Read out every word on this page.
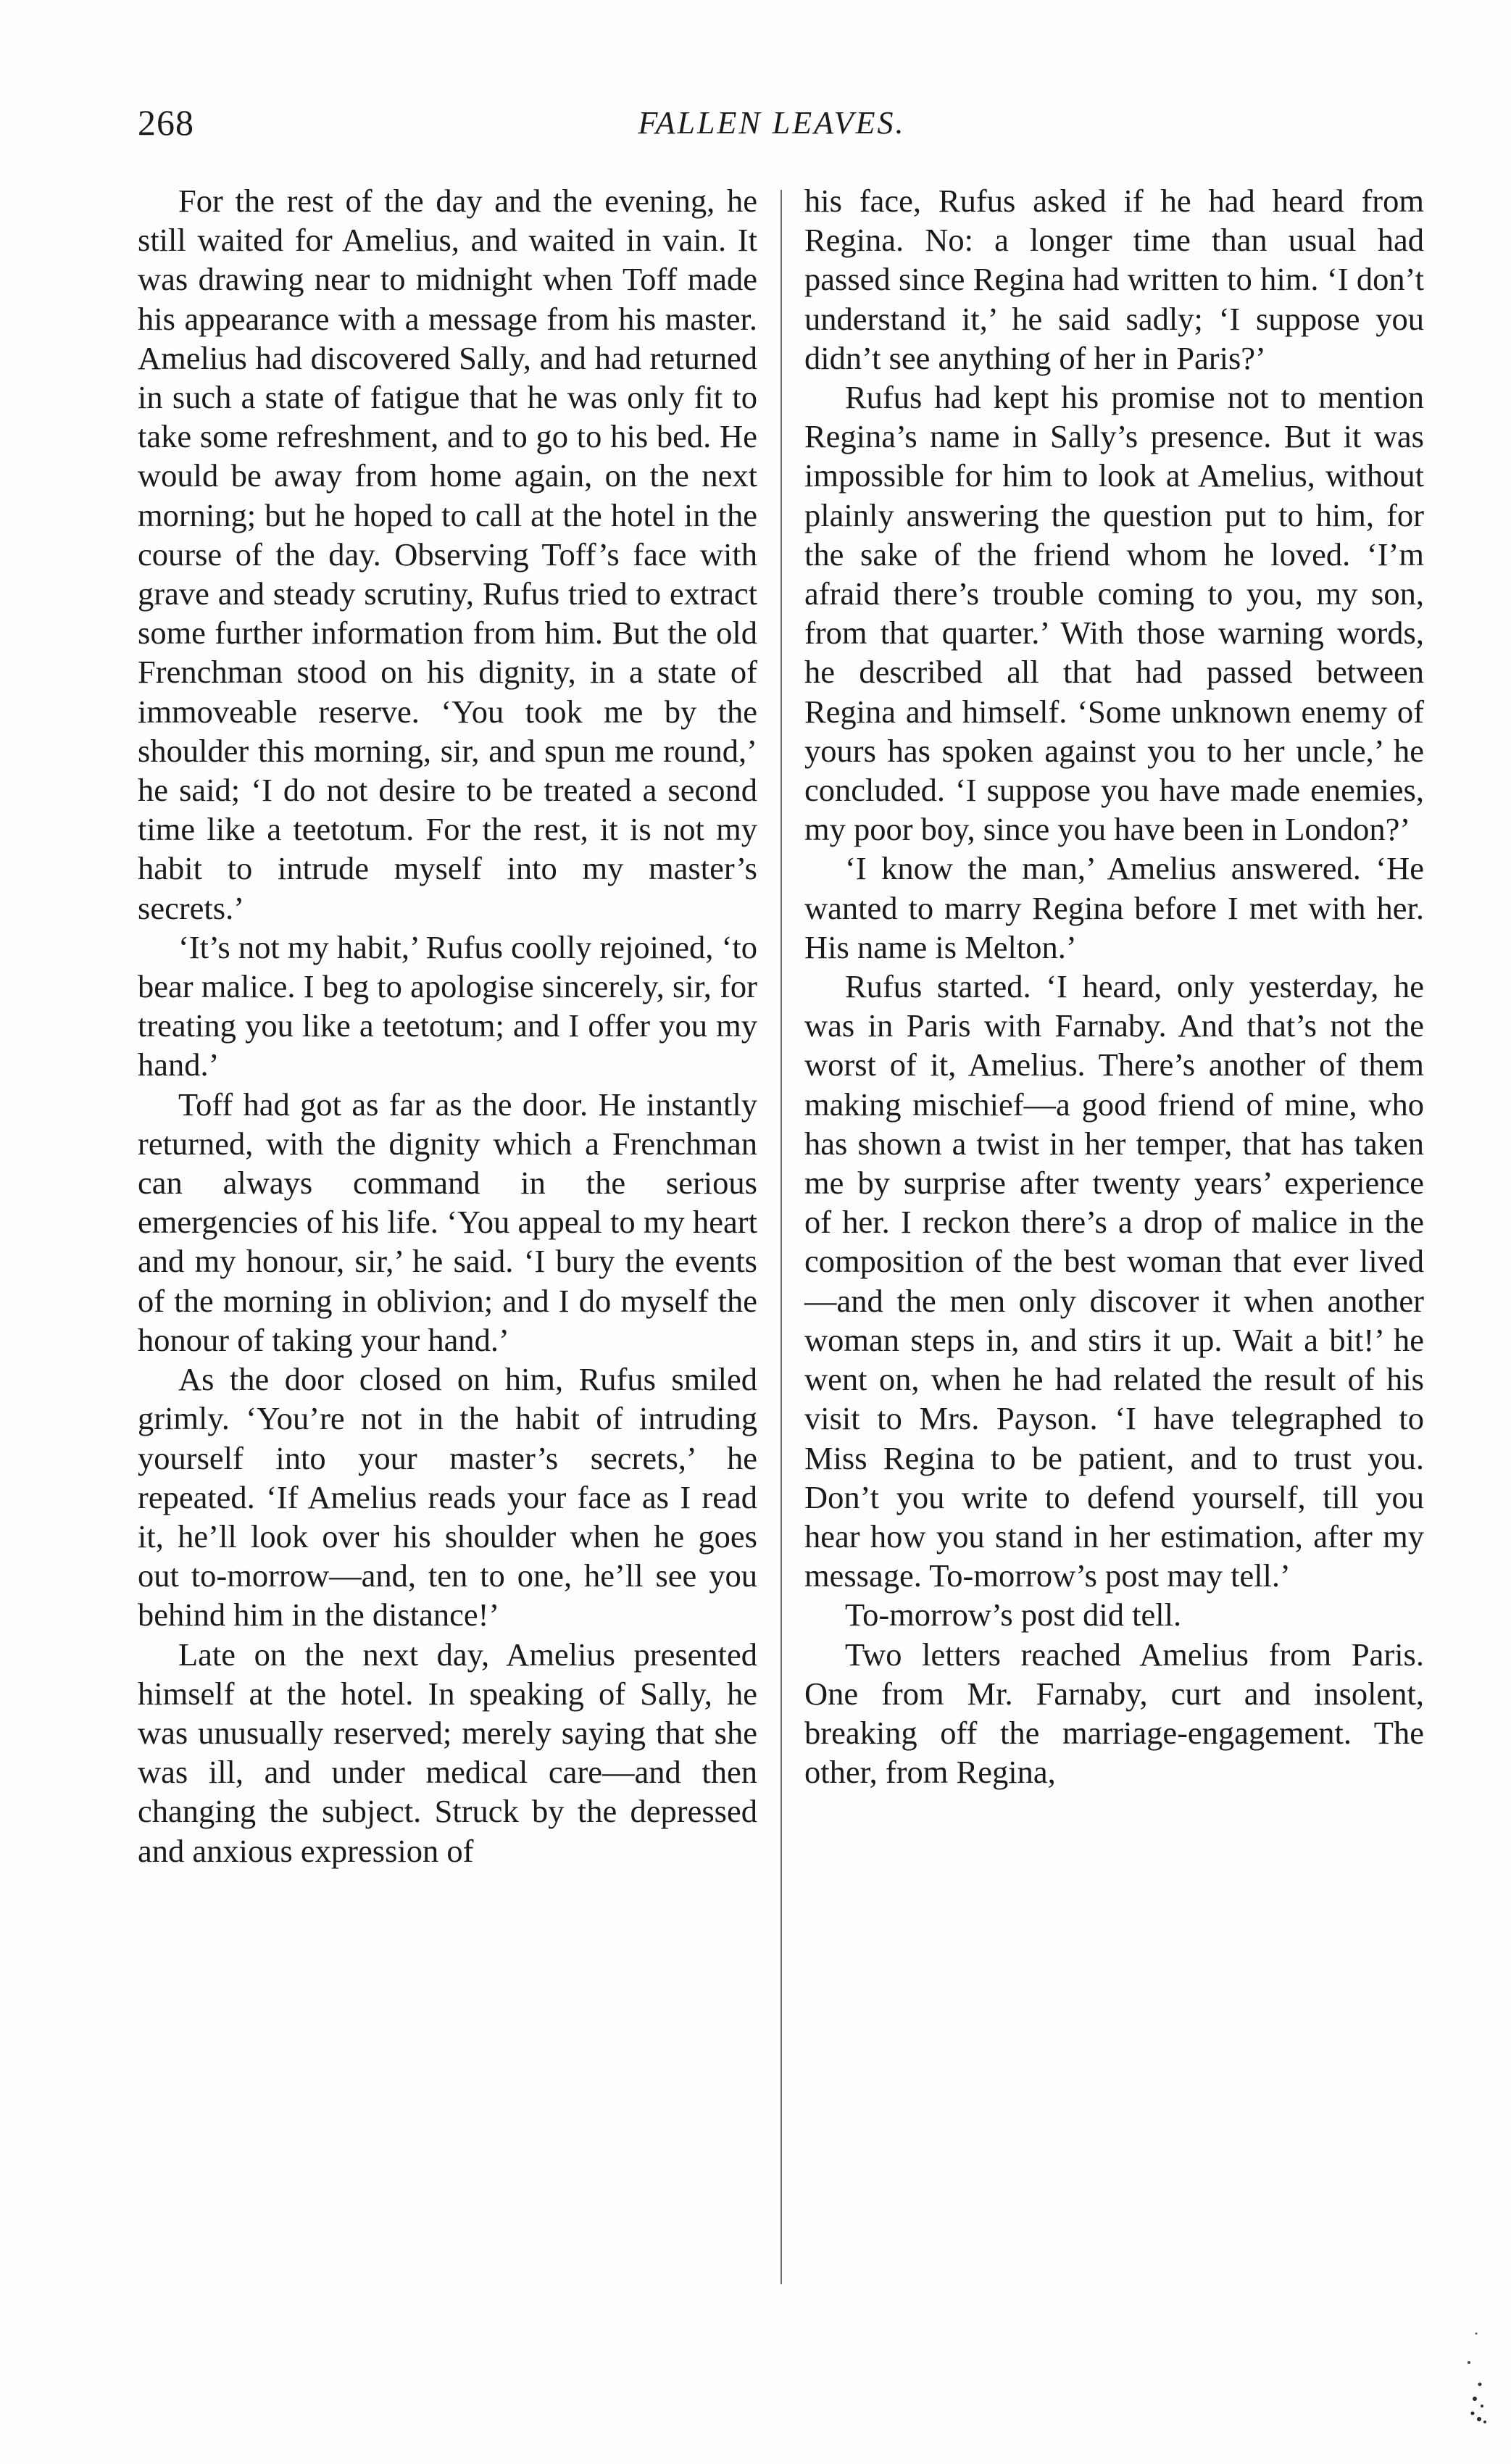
268	FALLEN LEAVES.

For the rest of the day and the evening, he still waited for Amelius, and waited in vain. It was drawing near to midnight when Toff made his appearance with a message from his master. Amelius had discovered Sally, and had returned in such a state of fatigue that he was only fit to take some refreshment, and to go to his bed. He would be away from home again, on the next morning; but he hoped to call at the hotel in the course of the day. Observing Toff’s face with grave and steady scrutiny, Rufus tried to extract some further information from him. But the old Frenchman stood on his dignity, in a state of immoveable reserve. ‘You took me by the shoulder this morning, sir, and spun me round,’ he said; ‘I do not desire to be treated a second time like a teetotum. For the rest, it is not my habit to intrude myself into my master’s secrets.’

‘It’s not my habit,’ Rufus coolly rejoined, ‘to bear malice. I beg to apologise sincerely, sir, for treating you like a teetotum; and I offer you my hand.’

Toff had got as far as the door. He instantly returned, with the dignity which a Frenchman can always command in the serious emergencies of his life. ‘You appeal to my heart and my honour, sir,’ he said. ‘I bury the events of the morning in oblivion; and I do myself the honour of taking your hand.’

As the door closed on him, Rufus smiled grimly. ‘You’re not in the habit of intruding yourself into your master’s secrets,’ he repeated. ‘If Amelius reads your face as I read it, he’ll look over his shoulder when he goes out to-morrow—and, ten to one, he’ll see you behind him in the distance!’

Late on the next day, Amelius presented himself at the hotel. In speaking of Sally, he was unusually reserved; merely saying that she was ill, and under medical care—and then changing the subject. Struck by the depressed and anxious expression of

his face, Rufus asked if he had heard from Regina. No: a longer time than usual had passed since Regina had written to him. ‘I don’t understand it,’ he said sadly; ‘I suppose you didn’t see anything of her in Paris?’

Rufus had kept his promise not to mention Regina’s name in Sally’s presence. But it was impossible for him to look at Amelius, without plainly answering the question put to him, for the sake of the friend whom he loved. ‘I’m afraid there’s trouble coming to you, my son, from that quarter.’ With those warning words, he described all that had passed between Regina and himself. ‘Some unknown enemy of yours has spoken against you to her uncle,’ he concluded. ‘I suppose you have made enemies, my poor boy, since you have been in London?’

‘I know the man,’ Amelius answered. ‘He wanted to marry Regina before I met with her. His name is Melton.’

Rufus started. ‘I heard, only yesterday, he was in Paris with Farnaby. And that’s not the worst of it, Amelius. There’s another of them making mischief—a good friend of mine, who has shown a twist in her temper, that has taken me by surprise after twenty years’ experience of her. I reckon there’s a drop of malice in the composition of the best woman that ever lived—and the men only discover it when another woman steps in, and stirs it up. Wait a bit!’ he went on, when he had related the result of his visit to Mrs. Payson. ‘I have telegraphed to Miss Regina to be patient, and to trust you. Don’t you write to defend yourself, till you hear how you stand in her estimation, after my message. To-morrow’s post may tell.’

To-morrow’s post did tell.

Two letters reached Amelius from Paris. One from Mr. Farnaby, curt and insolent, breaking off the marriage-engagement. The other, from Regina,
